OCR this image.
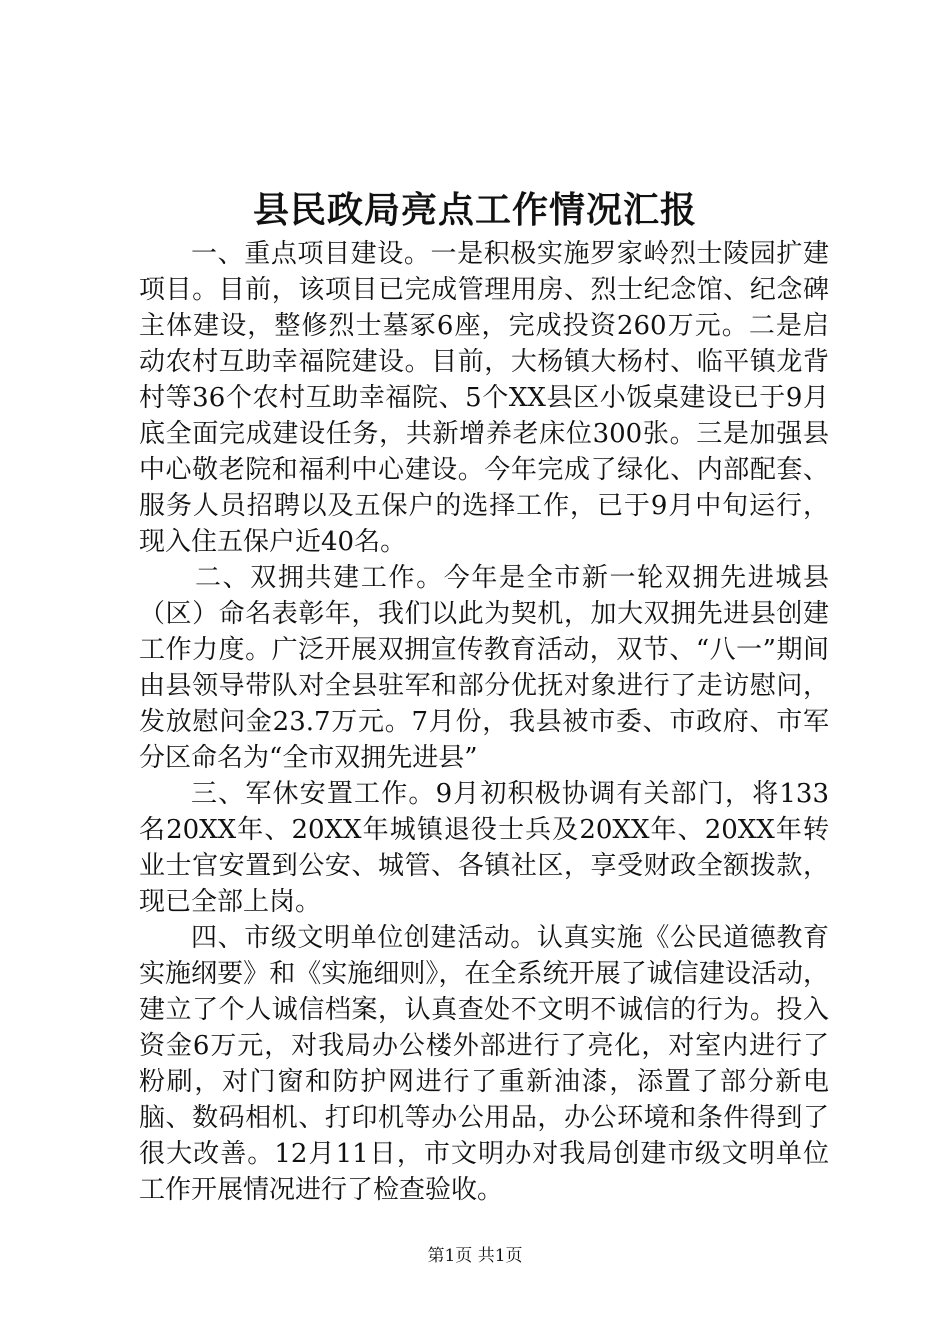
县民政局亮点工作情况汇报

一、重点项目建设。一是积极实施罗家岭烈士陵园扩建项目。目前，该项目已完成管理用房、烈士纪念馆、纪念碑主体建设，整修烈士墓冢6座，完成投资260万元。二是启动农村互助幸福院建设。目前，大杨镇大杨村、临平镇龙背村等36个农村互助幸福院、5个XX县区小饭桌建设已于9月底全面完成建设任务，共新增养老床位300张。三是加强县中心敬老院和福利中心建设。今年完成了绿化、内部配套、服务人员招聘以及五保户的选择工作，已于9月中旬运行，现入住五保户近40名。

二、双拥共建工作。今年是全市新一轮双拥先进城县（区）命名表彰年，我们以此为契机，加大双拥先进县创建工作力度。广泛开展双拥宣传教育活动，双节、“八一”期间由县领导带队对全县驻军和部分优抚对象进行了走访慰问，发放慰问金23.7万元。7月份，我县被市委、市政府、市军分区命名为“全市双拥先进县”

三、军休安置工作。9月初积极协调有关部门，将133名20XX年、20XX年城镇退役士兵及20XX年、20XX年转业士官安置到公安、城管、各镇社区，享受财政全额拨款，现已全部上岗。

四、市级文明单位创建活动。认真实施《公民道德教育实施纲要》和《实施细则》，在全系统开展了诚信建设活动，建立了个人诚信档案，认真查处不文明不诚信的行为。投入资金6万元，对我局办公楼外部进行了亮化，对室内进行了粉刷，对门窗和防护网进行了重新油漆，添置了部分新电脑、数码相机、打印机等办公用品，办公环境和条件得到了很大改善。12月11日，市文明办对我局创建市级文明单位工作开展情况进行了检查验收。

第1页 共1页
